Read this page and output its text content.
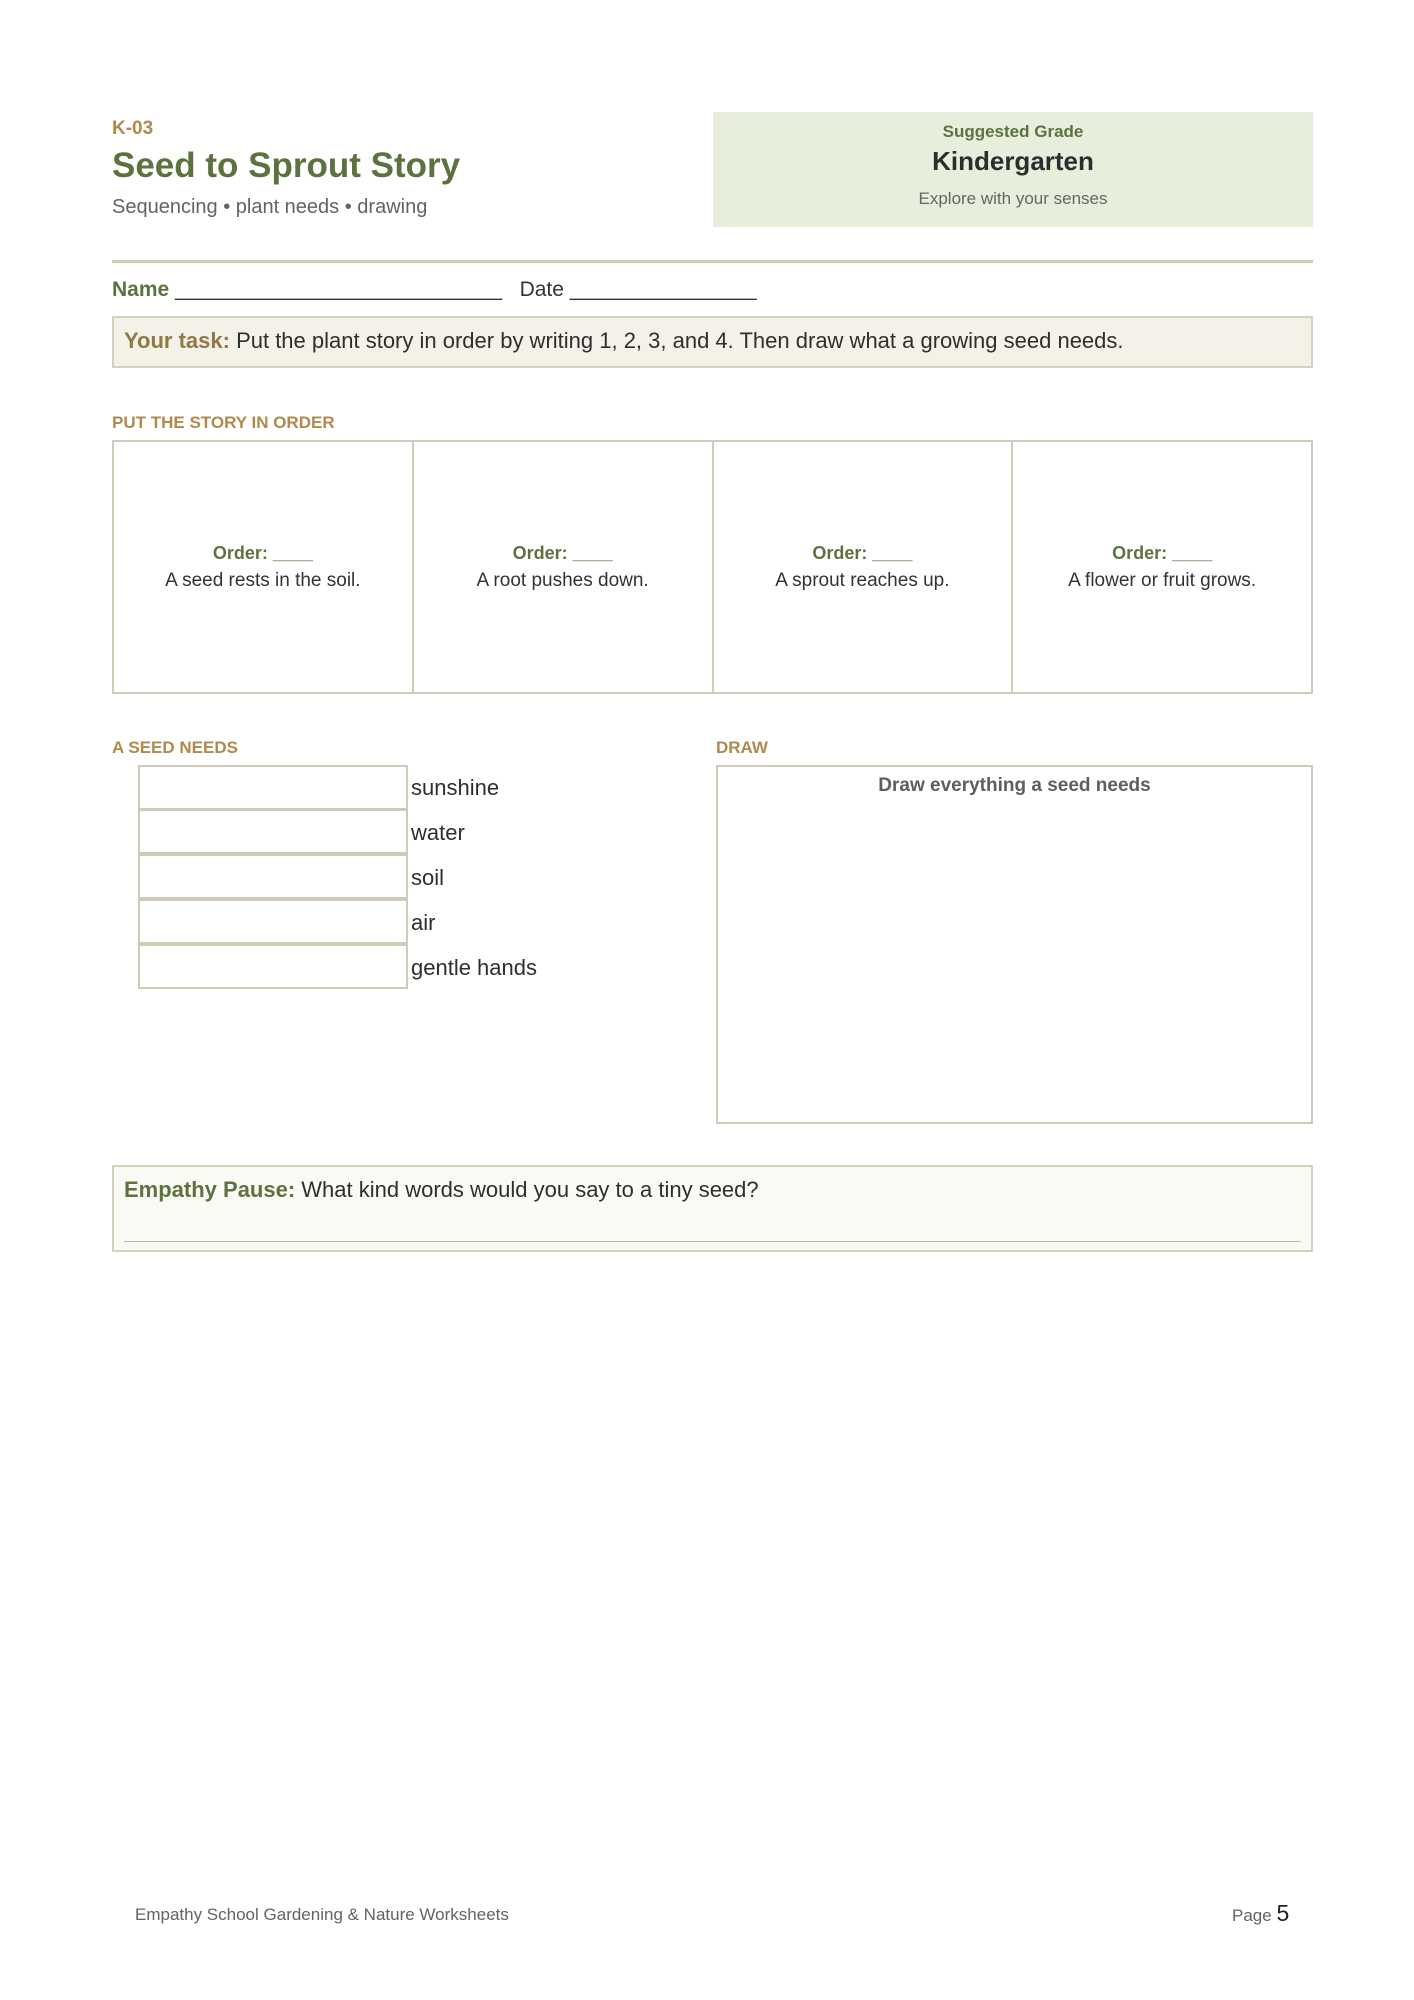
K-03
Seed to Sprout Story
Sequencing • plant needs • drawing
Suggested Grade
Kindergarten
Explore with your senses
Name ____________________________ Date ________________
Your task: Put the plant story in order by writing 1, 2, 3, and 4. Then draw what a growing seed needs.
PUT THE STORY IN ORDER
Order: ____
A seed rests in the soil.
Order: ____
A root pushes down.
Order: ____
A sprout reaches up.
Order: ____
A flower or fruit grows.
A SEED NEEDS	DRAW
sunshine
water
soil
air
gentle hands
Draw everything a seed needs
Empathy Pause: What kind words would you say to a tiny seed?
Empathy School Gardening & Nature Worksheets	Page 5
